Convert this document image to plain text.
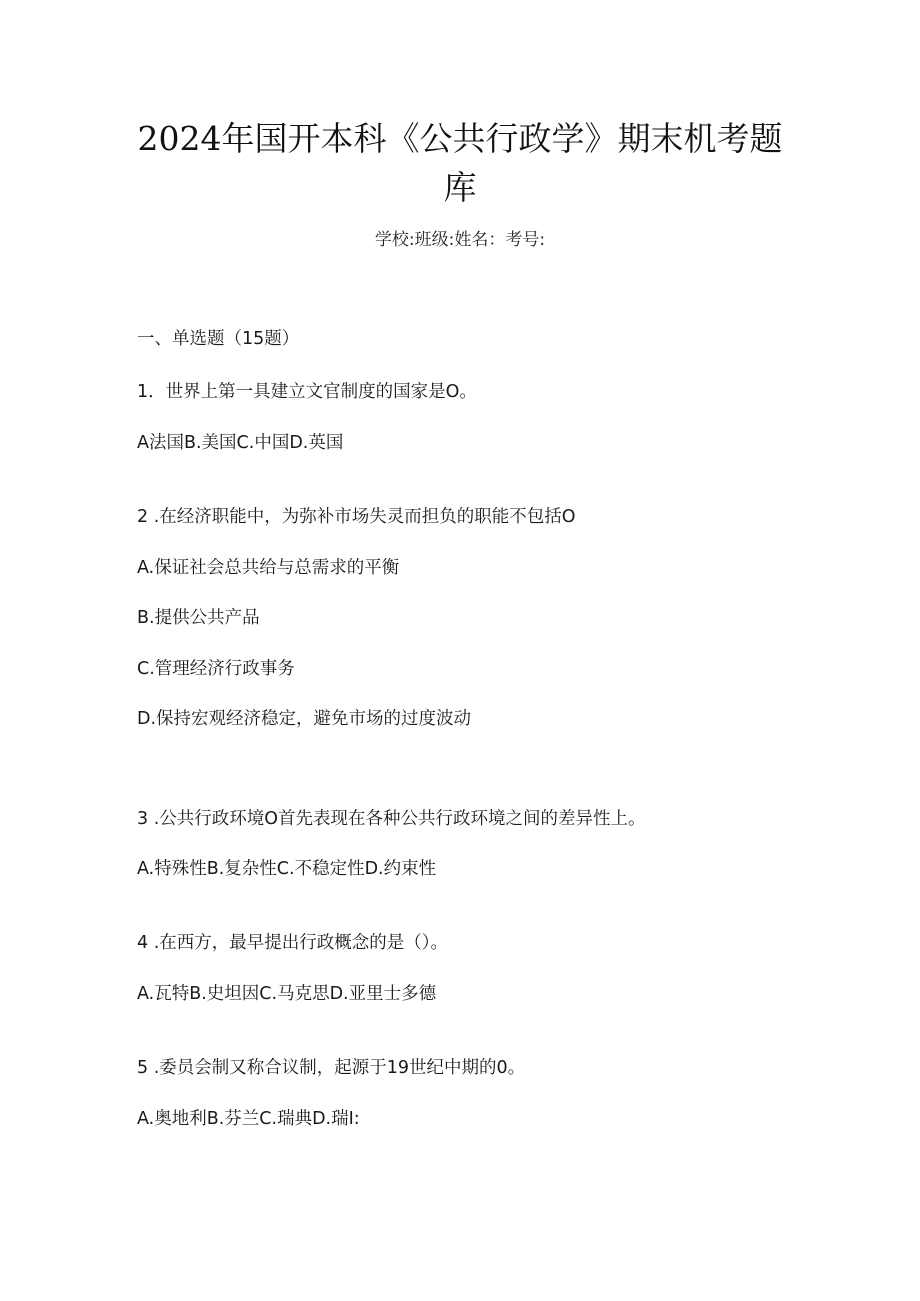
2024年国开本科《公共行政学》期末机考题
库
学校:班级:姓名：考号:
一、单选题（15题）
1．世界上第一具建立文官制度的国家是O。
A法国B.美国C.中国D.英国
2 .在经济职能中，为弥补市场失灵而担负的职能不包括O
A.保证社会总共给与总需求的平衡
B.提供公共产品
C.管理经济行政事务
D.保持宏观经济稳定，避免市场的过度波动
3 .公共行政环境O首先表现在各种公共行政环境之间的差异性上。
A.特殊性B.复杂性C.不稳定性D.约束性
4 .在西方，最早提出行政概念的是（）。
A.瓦特B.史坦因C.马克思D.亚里士多德
5 .委员会制又称合议制，起源于19世纪中期的0。
A.奥地利B.芬兰C.瑞典D.瑞I:
